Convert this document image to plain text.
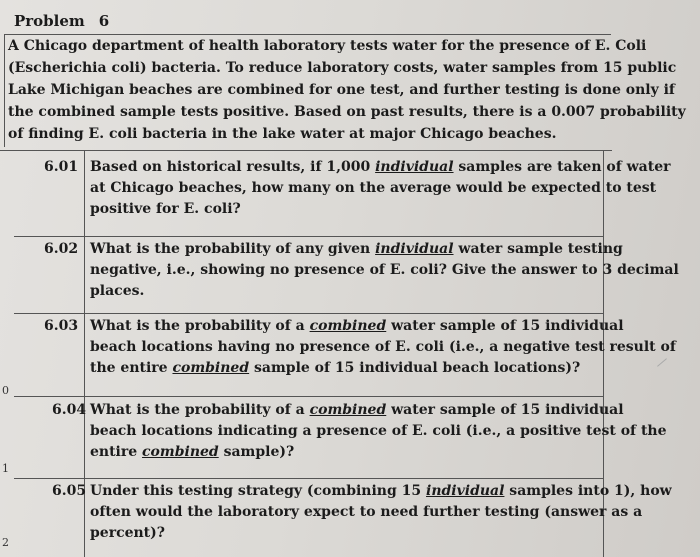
0
1
2
Problem 6
A Chicago department of health laboratory tests water for the presence of E. Coli
(Escherichia coli) bacteria. To reduce laboratory costs, water samples from 15 public
Lake Michigan beaches are combined for one test, and further testing is done only if
the combined sample tests positive. Based on past results, there is a 0.007 probability
of finding E. coli bacteria in the lake water at major Chicago beaches.
6.01 Based on historical results, if 1,000 individual samples are taken of water
at Chicago beaches, how many on the average would be expected to test
positive for E. coli?
6.02 What is the probability of any given individual water sample testing
negative, i.e., showing no presence of E. coli? Give the answer to 3 decimal
places.
6.03 What is the probability of a combined water sample of 15 individual
beach locations having no presence of E. coli (i.e., a negative test result of
the entire combined sample of 15 individual beach locations)?
6.04 What is the probability of a combined water sample of 15 individual
beach locations indicating a presence of E. coli (i.e., a positive test of the
entire combined sample)?
6.05 Under this testing strategy (combining 15 individual samples into 1), how
often would the laboratory expect to need further testing (answer as a
percent)?
